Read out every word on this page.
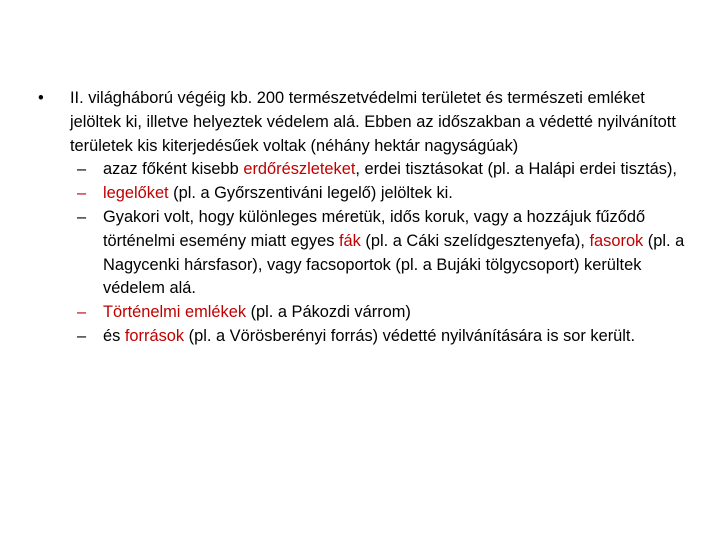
• II. világháború végéig kb. 200 természetvédelmi területet és természeti emléket jelöltek ki, illetve helyeztek védelem alá. Ebben az időszakban a védetté nyilvánított területek kis kiterjedésűek voltak (néhány hektár nagyságúak)
– azaz főként kisebb erdőrészleteket, erdei tisztásokat (pl. a Halápi erdei tisztás),
– legelőket (pl. a Győrszentiváni legelő) jelöltek ki.
– Gyakori volt, hogy különleges méretük, idős koruk, vagy a hozzájuk fűződő történelmi esemény miatt egyes fák (pl. a Cáki szelídgesztenyefa), fasorok (pl. a Nagycenki hársfasor), vagy facsoportok (pl. a Bujáki tölgycsoport) kerültek védelem alá.
– Történelmi emlékek (pl. a Pákozdi várrom)
– és források (pl. a Vörösberényi forrás) védetté nyilvánítására is sor került.
